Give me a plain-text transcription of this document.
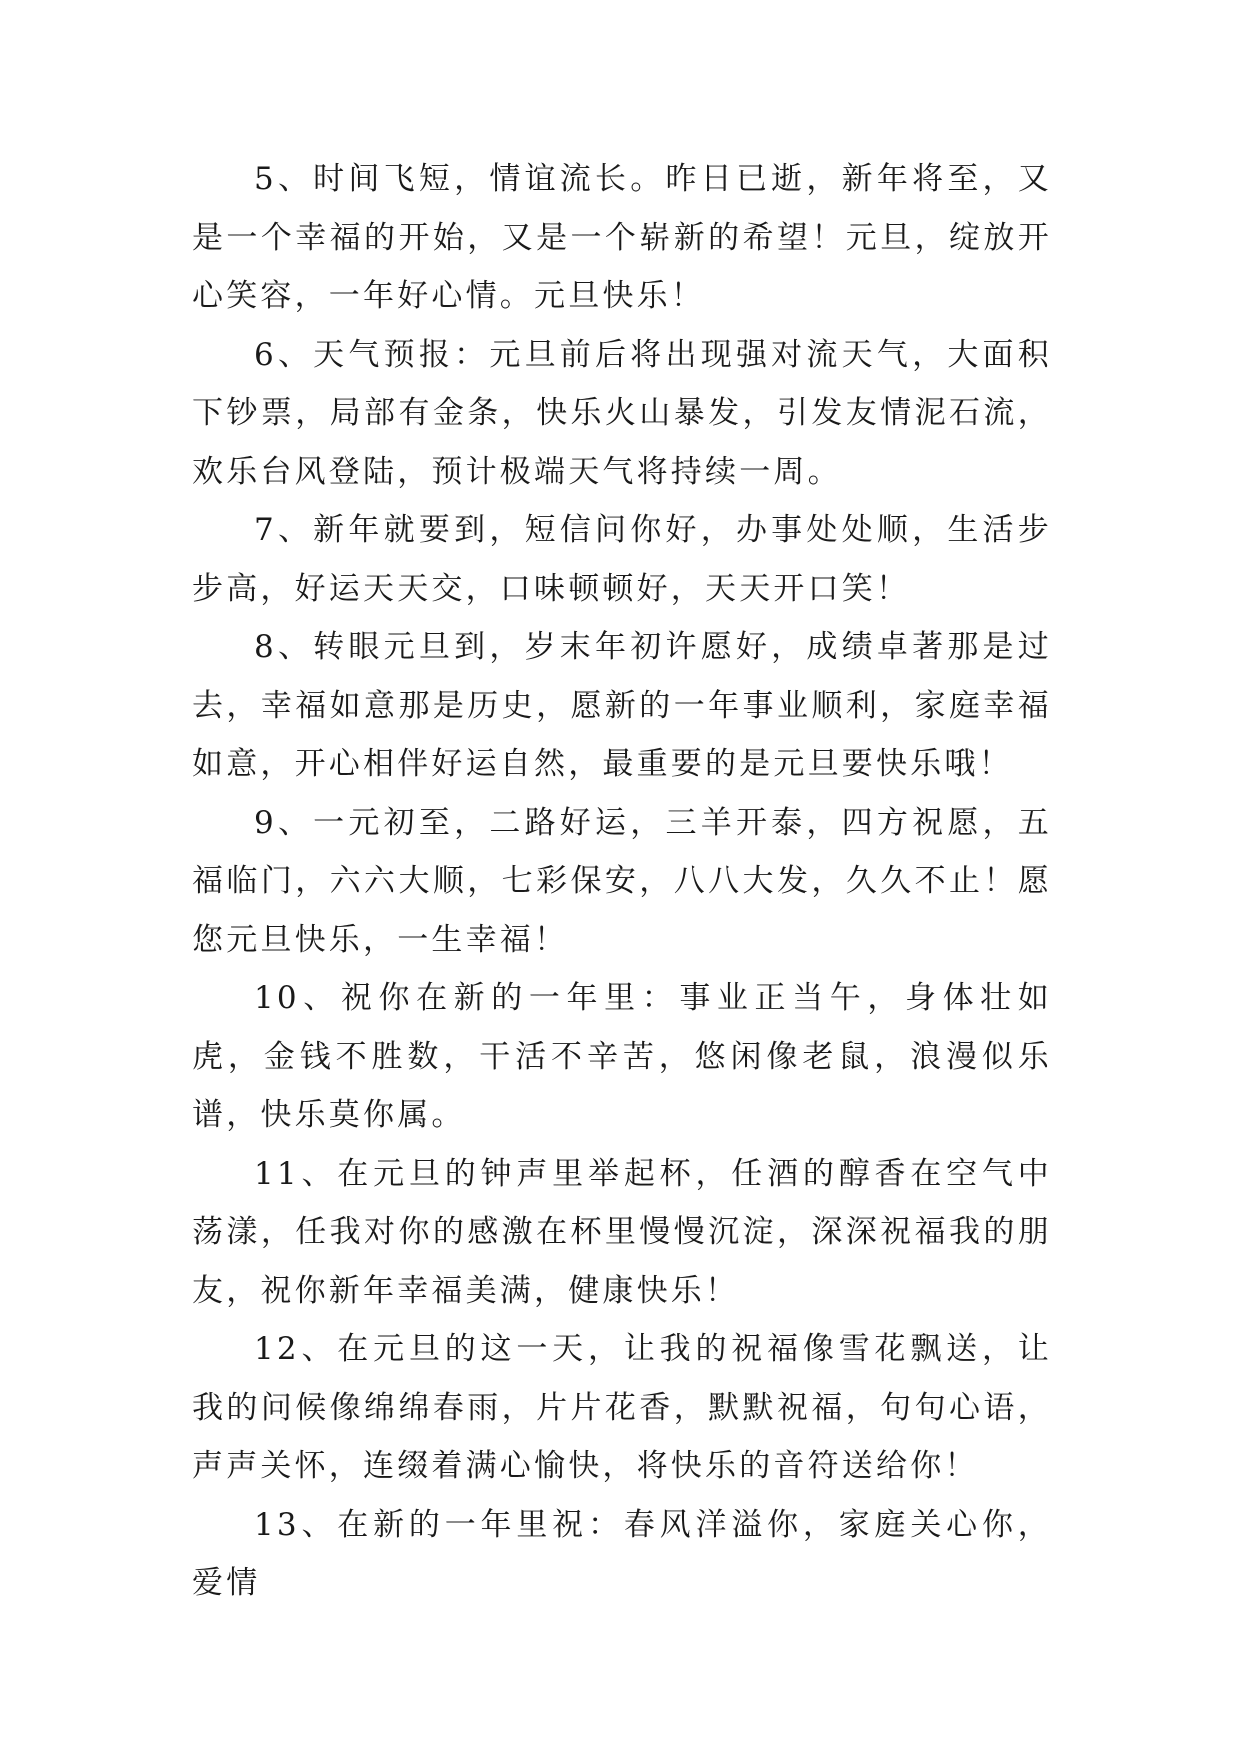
5、时间飞短，情谊流长。昨日已逝，新年将至，又是一个幸福的开始，又是一个崭新的希望！元旦，绽放开心笑容，一年好心情。元旦快乐！

6、天气预报：元旦前后将出现强对流天气，大面积下钞票，局部有金条，快乐火山暴发，引发友情泥石流，欢乐台风登陆，预计极端天气将持续一周。

7、新年就要到，短信问你好，办事处处顺，生活步步高，好运天天交，口味顿顿好，天天开口笑！

8、转眼元旦到，岁末年初许愿好，成绩卓著那是过去，幸福如意那是历史，愿新的一年事业顺利，家庭幸福如意，开心相伴好运自然，最重要的是元旦要快乐哦！

9、一元初至，二路好运，三羊开泰，四方祝愿，五福临门，六六大顺，七彩保安，八八大发，久久不止！愿您元旦快乐，一生幸福！

10、祝你在新的一年里：事业正当午，身体壮如虎，金钱不胜数，干活不辛苦，悠闲像老鼠，浪漫似乐谱，快乐莫你属。

11、在元旦的钟声里举起杯，任酒的醇香在空气中荡漾，任我对你的感激在杯里慢慢沉淀，深深祝福我的朋友，祝你新年幸福美满，健康快乐！

12、在元旦的这一天，让我的祝福像雪花飘送，让我的问候像绵绵春雨，片片花香，默默祝福，句句心语，声声关怀，连缀着满心愉快，将快乐的音符送给你！

13、在新的一年里祝：春风洋溢你，家庭关心你，爱情
